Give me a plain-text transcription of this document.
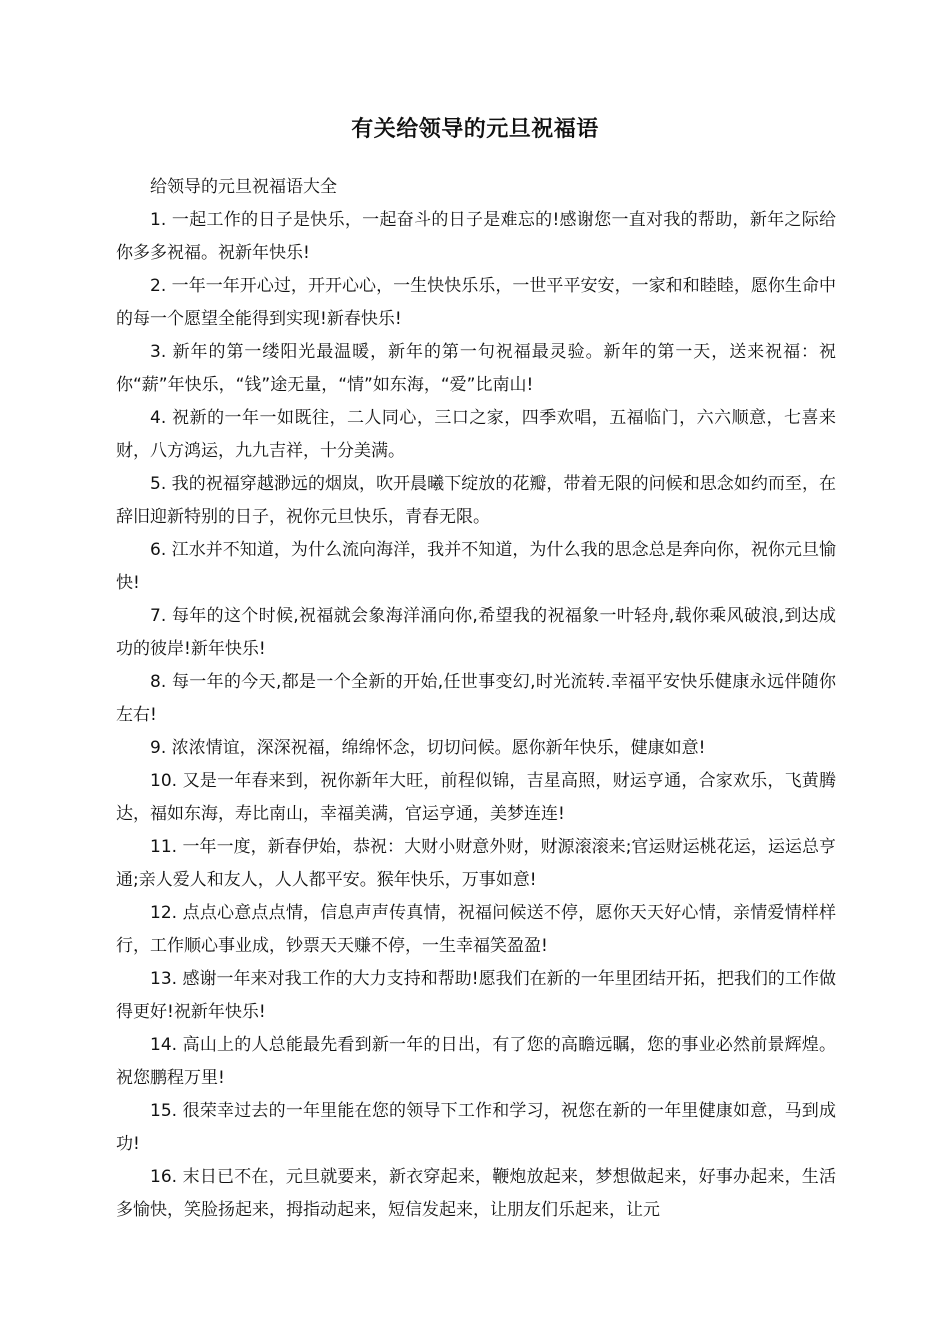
有关给领导的元旦祝福语

给领导的元旦祝福语大全

1. 一起工作的日子是快乐，一起奋斗的日子是难忘的!感谢您一直对我的帮助，新年之际给你多多祝福。祝新年快乐!

2. 一年一年开心过，开开心心，一生快快乐乐，一世平平安安，一家和和睦睦，愿你生命中的每一个愿望全能得到实现!新春快乐!

3. 新年的第一缕阳光最温暖，新年的第一句祝福最灵验。新年的第一天，送来祝福：祝你“薪”年快乐，“钱”途无量，“情”如东海，“爱”比南山!

4. 祝新的一年一如既往，二人同心，三口之家，四季欢唱，五福临门，六六顺意，七喜来财，八方鸿运，九九吉祥，十分美满。

5. 我的祝福穿越渺远的烟岚，吹开晨曦下绽放的花瓣，带着无限的问候和思念如约而至，在辞旧迎新特别的日子，祝你元旦快乐，青春无限。

6. 江水并不知道，为什么流向海洋，我并不知道，为什么我的思念总是奔向你，祝你元旦愉快!

7. 每年的这个时候,祝福就会象海洋涌向你,希望我的祝福象一叶轻舟,载你乘风破浪,到达成功的彼岸!新年快乐!

8. 每一年的今天,都是一个全新的开始,任世事变幻,时光流转.幸福平安快乐健康永远伴随你左右!

9. 浓浓情谊，深深祝福，绵绵怀念，切切问候。愿你新年快乐，健康如意!

10. 又是一年春来到，祝你新年大旺，前程似锦，吉星高照，财运亨通，合家欢乐，飞黄腾达，福如东海，寿比南山，幸福美满，官运亨通，美梦连连!

11. 一年一度，新春伊始，恭祝：大财小财意外财，财源滚滚来;官运财运桃花运，运运总亨通;亲人爱人和友人，人人都平安。猴年快乐，万事如意!

12. 点点心意点点情，信息声声传真情，祝福问候送不停，愿你天天好心情，亲情爱情样样行，工作顺心事业成，钞票天天赚不停，一生幸福笑盈盈!

13. 感谢一年来对我工作的大力支持和帮助!愿我们在新的一年里团结开拓，把我们的工作做得更好!祝新年快乐!

14. 高山上的人总能最先看到新一年的日出，有了您的高瞻远瞩，您的事业必然前景辉煌。祝您鹏程万里!

15. 很荣幸过去的一年里能在您的领导下工作和学习，祝您在新的一年里健康如意，马到成功!

16. 末日已不在，元旦就要来，新衣穿起来，鞭炮放起来，梦想做起来，好事办起来，生活多愉快，笑脸扬起来，拇指动起来，短信发起来，让朋友们乐起来，让元
